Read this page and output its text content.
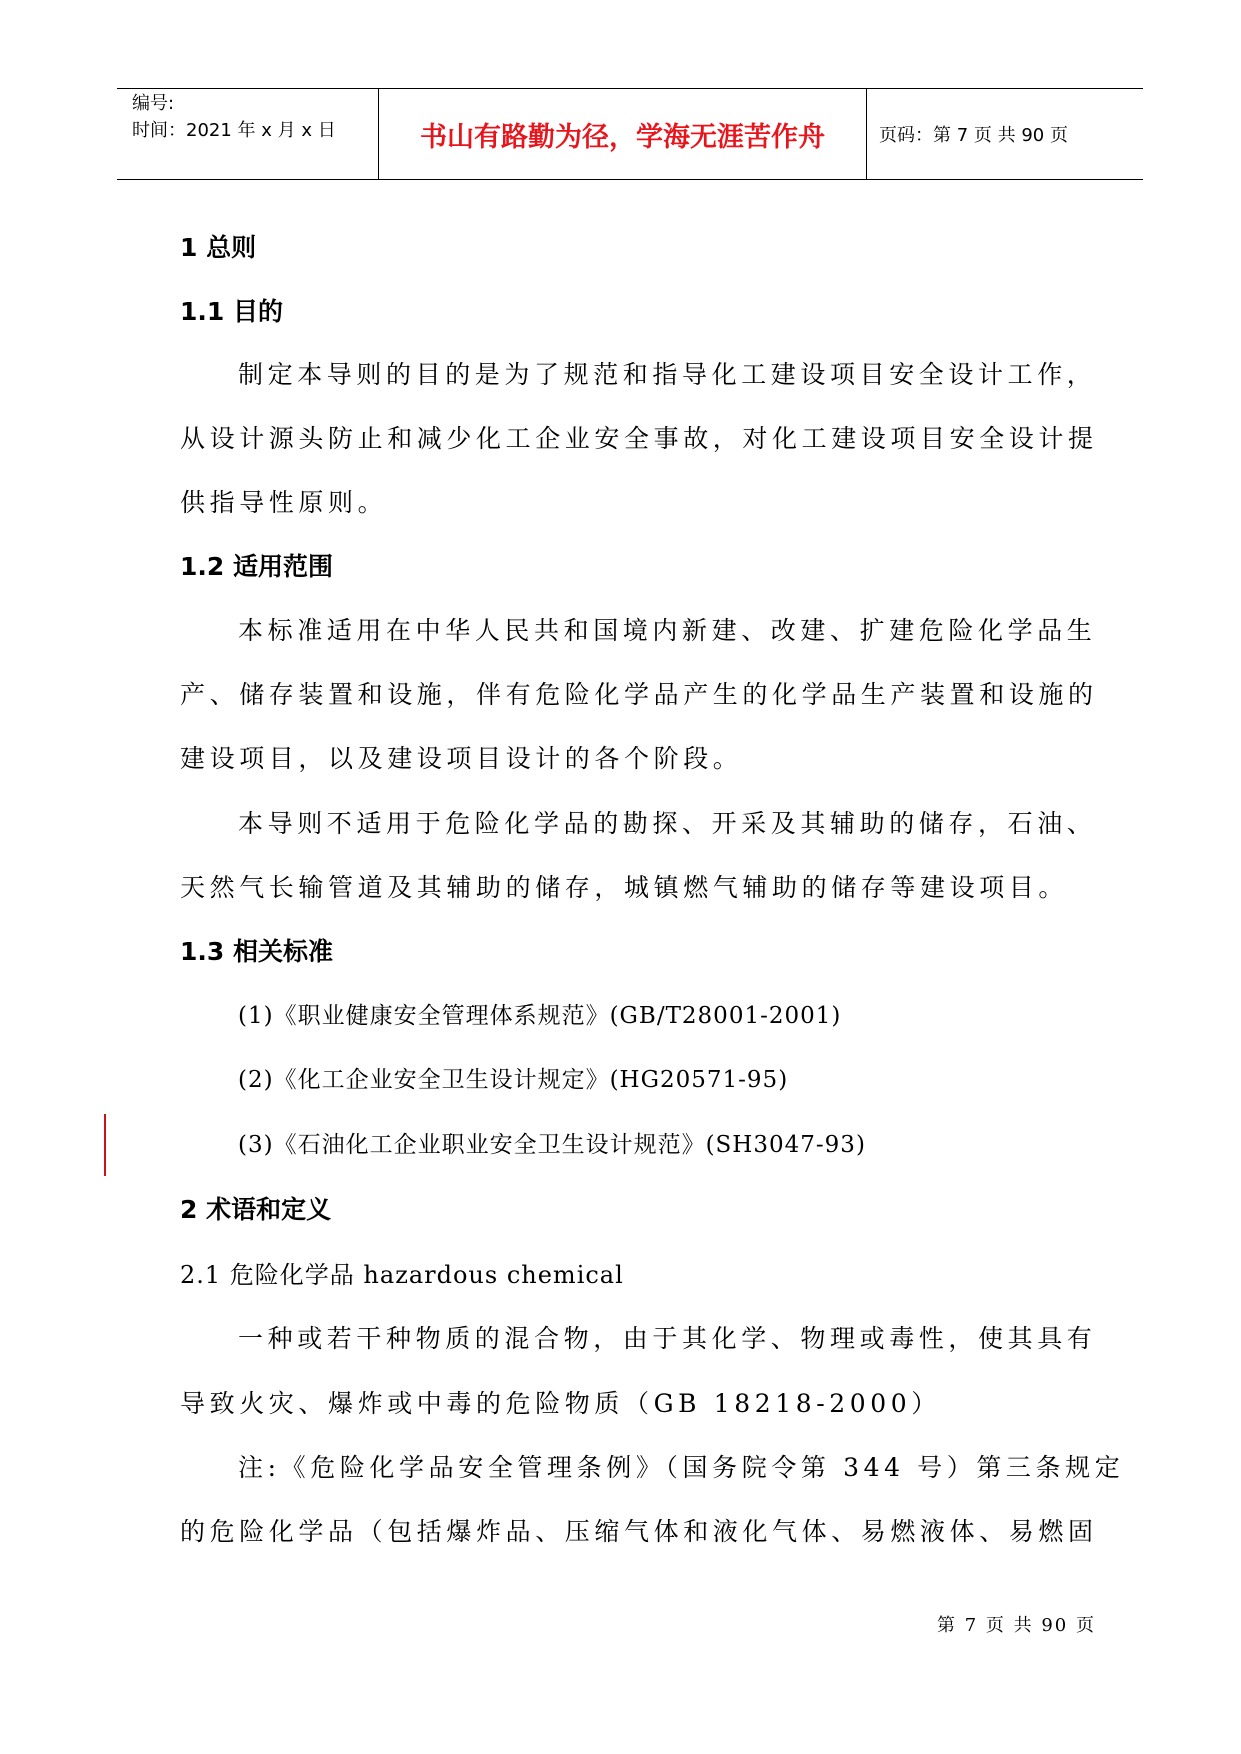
编号:
时间：2021 年 x 月 x 日	书山有路勤为径，学海无涯苦作舟	页码：第 7 页 共 90 页
1 总则
1.1 目的
制定本导则的目的是为了规范和指导化工建设项目安全设计工作，
从设计源头防止和减少化工企业安全事故，对化工建设项目安全设计提
供指导性原则。
1.2 适用范围
本标准适用在中华人民共和国境内新建、改建、扩建危险化学品生
产、储存装置和设施，伴有危险化学品产生的化学品生产装置和设施的
建设项目，以及建设项目设计的各个阶段。
本导则不适用于危险化学品的勘探、开采及其辅助的储存，石油、
天然气长输管道及其辅助的储存，城镇燃气辅助的储存等建设项目。
1.3 相关标准
(1)《职业健康安全管理体系规范》(GB/T28001-2001)
(2)《化工企业安全卫生设计规定》(HG20571-95)
(3)《石油化工企业职业安全卫生设计规范》(SH3047-93)
2 术语和定义
2.1 危险化学品 hazardous chemical
一种或若干种物质的混合物，由于其化学、物理或毒性，使其具有
导致火灾、爆炸或中毒的危险物质（GB 18218-2000）
注:《危险化学品安全管理条例》（国务院令第 344 号）第三条规定
的危险化学品（包括爆炸品、压缩气体和液化气体、易燃液体、易燃固
第 7 页 共 90 页
